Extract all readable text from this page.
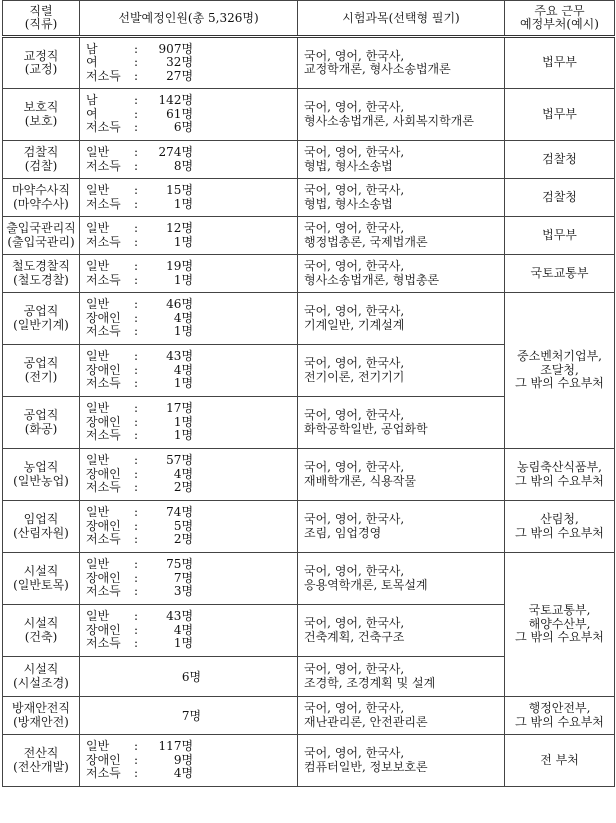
직렬
(직류)	선발예정인원(총 5,326명)	시험과목(선택형 필기)	주요 근무
예정부처(예시)

교정직
(교정)	남 : 907명
여 : 32명
저소득 : 27명	국어, 영어, 한국사,
교정학개론, 형사소송법개론	법무부

보호직
(보호)	남 : 142명
여 : 61명
저소득 : 6명	국어, 영어, 한국사,
형사소송법개론, 사회복지학개론	법무부

검찰직
(검찰)	일반 : 274명
저소득 : 8명	국어, 영어, 한국사,
형법, 형사소송법	검찰청

마약수사직
(마약수사)	일반 : 15명
저소득 : 1명	국어, 영어, 한국사,
형법, 형사소송법	검찰청

출입국관리직
(출입국관리)	일반 : 12명
저소득 : 1명	국어, 영어, 한국사,
행정법총론, 국제법개론	법무부

철도경찰직
(철도경찰)	일반 : 19명
저소득 : 1명	국어, 영어, 한국사,
형사소송법개론, 형법총론	국토교통부

공업직
(일반기계)	일반 : 46명
장애인 : 4명
저소득 : 1명	국어, 영어, 한국사,
기계일반, 기계설계	중소벤처기업부,
조달청,
그 밖의 수요부처

공업직
(전기)	일반 : 43명
장애인 : 4명
저소득 : 1명	국어, 영어, 한국사,
전기이론, 전기기기	

공업직
(화공)	일반 : 17명
장애인 : 1명
저소득 : 1명	국어, 영어, 한국사,
화학공학일반, 공업화학	

농업직
(일반농업)	일반 : 57명
장애인 : 4명
저소득 : 2명	국어, 영어, 한국사,
재배학개론, 식용작물	농림축산식품부,
그 밖의 수요부처

임업직
(산림자원)	일반 : 74명
장애인 : 5명
저소득 : 2명	국어, 영어, 한국사,
조림, 임업경영	산림청,
그 밖의 수요부처

시설직
(일반토목)	일반 : 75명
장애인 : 7명
저소득 : 3명	국어, 영어, 한국사,
응용역학개론, 토목설계	국토교통부,
해양수산부,
그 밖의 수요부처

시설직
(건축)	일반 : 43명
장애인 : 4명
저소득 : 1명	국어, 영어, 한국사,
건축계획, 건축구조	

시설직
(시설조경)	6명	국어, 영어, 한국사,
조경학, 조경계획 및 설계	

방재안전직
(방재안전)	7명	국어, 영어, 한국사,
재난관리론, 안전관리론	행정안전부,
그 밖의 수요부처

전산직
(전산개발)	일반 : 117명
장애인 : 9명
저소득 : 4명	국어, 영어, 한국사,
컴퓨터일반, 정보보호론	전 부처
